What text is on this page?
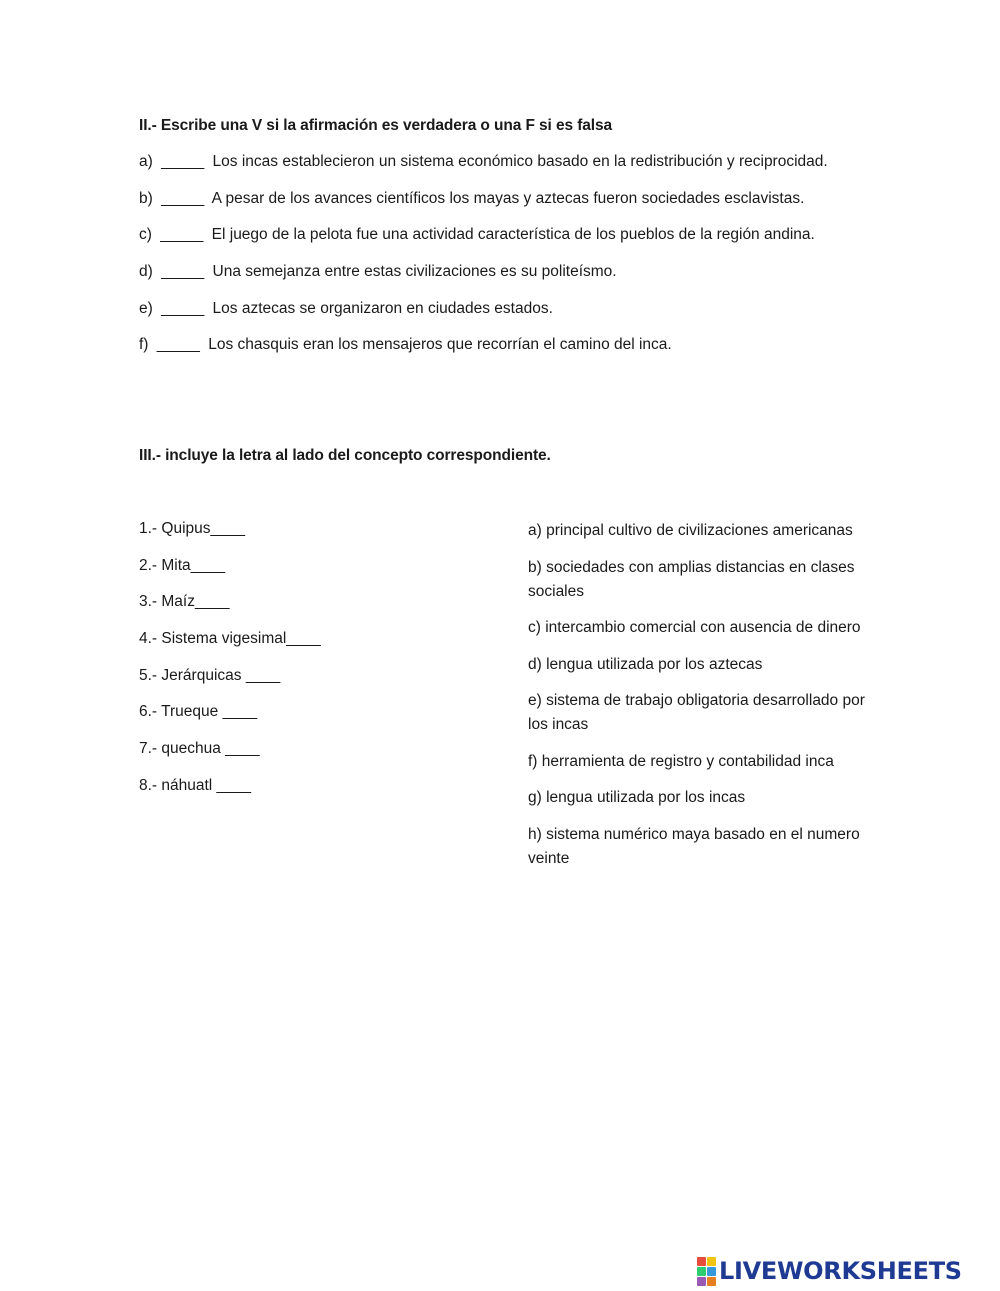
II.- Escribe una V si la afirmación es verdadera o una F si es falsa
a) _____ Los incas establecieron un sistema económico basado en la redistribución y reciprocidad.
b) _____ A pesar de los avances científicos los mayas y aztecas fueron sociedades esclavistas.
c) _____ El juego de la pelota fue una actividad característica de los pueblos de la región andina.
d) _____ Una semejanza entre estas civilizaciones es su politeísmo.
e) _____ Los aztecas se organizaron en ciudades estados.
f) _____ Los chasquis eran los mensajeros que recorrían el camino del inca.
III.- incluye la letra al lado del concepto correspondiente.
1.- Quipus____
2.- Mita____
3.- Maíz____
4.- Sistema vigesimal____
5.- Jerárquicas ____
6.- Trueque ____
7.- quechua ____
8.- náhuatl ____
a) principal cultivo de civilizaciones americanas
b) sociedades con amplias distancias en clases sociales
c) intercambio comercial con ausencia de dinero
d) lengua utilizada por los aztecas
e) sistema de trabajo obligatoria desarrollado por los incas
f) herramienta de registro y contabilidad inca
g) lengua utilizada por los incas
h) sistema numérico maya basado en el numero veinte
LIVEWORKSHEETS
